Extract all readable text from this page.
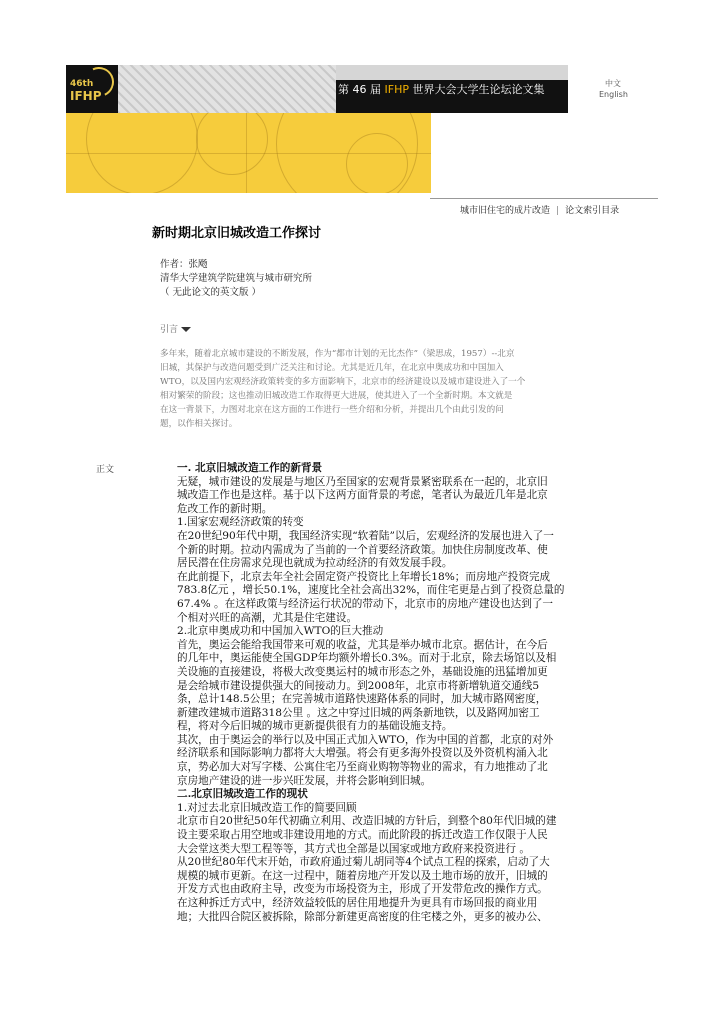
46th
IFHP	第 46 届 IFHP 世界大会大学生论坛论文集	中文
English
城市旧住宅的成片改造 | 论文索引目录
新时期北京旧城改造工作探讨
作者：张飏
清华大学建筑学院建筑与城市研究所
（ 无此论文的英文版 ）
引言

多年来，随着北京城市建设的不断发展，作为“都市计划的无比杰作”（梁思成，1957）--北京

旧城，其保护与改造问题受到广泛关注和讨论。尤其是近几年，在北京申奥成功和中国加入

WTO，以及国内宏观经济政策转变的多方面影响下，北京市的经济建设以及城市建设进入了一个

相对繁荣的阶段；这也推动旧城改造工作取得更大进展，使其进入了一个全新时期。本文就是

在这一背景下，力图对北京在这方面的工作进行一些介绍和分析，并提出几个由此引发的问

题，以作相关探讨。

正文	一. 北京旧城改造工作的新背景

无疑，城市建设的发展是与地区乃至国家的宏观背景紧密联系在一起的，北京旧

城改造工作也是这样。基于以下这两方面背景的考虑，笔者认为最近几年是北京

危改工作的新时期。

1.国家宏观经济政策的转变

在20世纪90年代中期，我国经济实现“软着陆”以后，宏观经济的发展也进入了一

个新的时期。拉动内需成为了当前的一个首要经济政策。加快住房制度改革、使

居民潜在住房需求兑现也就成为拉动经济的有效发展手段。

在此前提下，北京去年全社会固定资产投资比上年增长18%；而房地产投资完成

783.8亿元 ，增长50.1%，速度比全社会高出32%，而住宅更是占到了投资总量的

67.4% 。在这样政策与经济运行状况的带动下，北京市的房地产建设也达到了一

个相对兴旺的高潮，尤其是住宅建设。

2.北京申奥成功和中国加入WTO的巨大推动

首先，奥运会能给我国带来可观的收益，尤其是举办城市北京。据估计，在今后

的几年中，奥运能使全国GDP年均额外增长0.3%。而对于北京，除去场馆以及相

关设施的直接建设，将极大改变奥运村的城市形态之外，基础设施的迅猛增加更

是会给城市建设提供强大的间接动力。到2008年，北京市将新增轨道交通线5

条，总计148.5公里；在完善城市道路快速路体系的同时，加大城市路网密度，

新建改建城市道路318公里 。这之中穿过旧城的两条新地铁，以及路网加密工

程，将对今后旧城的城市更新提供很有力的基础设施支持。

其次，由于奥运会的举行以及中国正式加入WTO，作为中国的首都，北京的对外

经济联系和国际影响力都将大大增强。将会有更多海外投资以及外资机构涌入北

京，势必加大对写字楼、公寓住宅乃至商业购物等物业的需求，有力地推动了北

京房地产建设的进一步兴旺发展，并将会影响到旧城。

二.北京旧城改造工作的现状

1.对过去北京旧城改造工作的简要回顾

北京市自20世纪50年代初确立利用、改造旧城的方针后，到整个80年代旧城的建

设主要采取占用空地或非建设用地的方式。而此阶段的拆迁改造工作仅限于人民

大会堂这类大型工程等等，其方式也全部是以国家或地方政府来投资进行 。

从20世纪80年代末开始，市政府通过菊儿胡同等4个试点工程的探索，启动了大

规模的城市更新。在这一过程中，随着房地产开发以及土地市场的放开，旧城的

开发方式也由政府主导，改变为市场投资为主，形成了开发带危改的操作方式。

在这种拆迁方式中，经济效益较低的居住用地提升为更具有市场回报的商业用

地；大批四合院区被拆除，除部分新建更高密度的住宅楼之外，更多的被办公、
